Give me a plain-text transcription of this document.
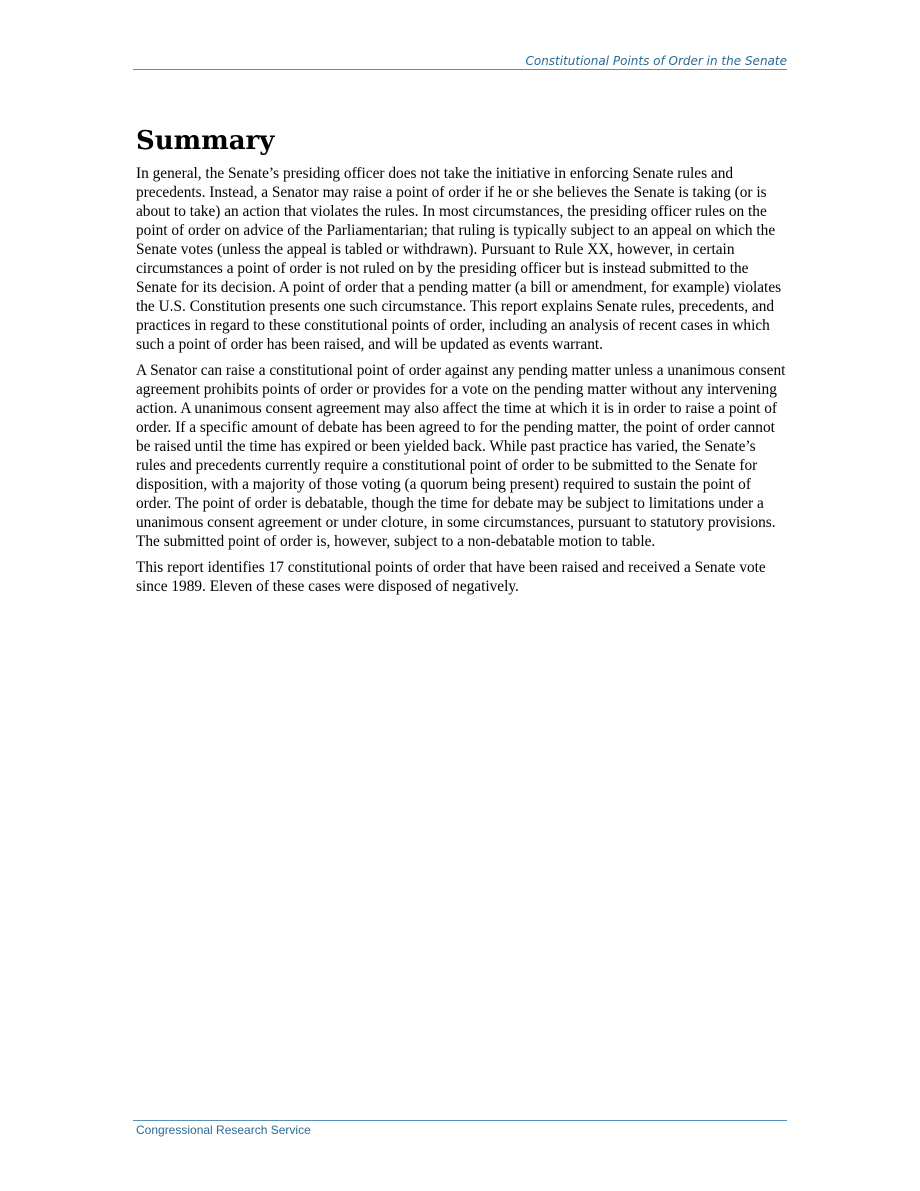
Constitutional Points of Order in the Senate
Summary

In general, the Senate’s presiding officer does not take the initiative in enforcing Senate rules and precedents. Instead, a Senator may raise a point of order if he or she believes the Senate is taking (or is about to take) an action that violates the rules. In most circumstances, the presiding officer rules on the point of order on advice of the Parliamentarian; that ruling is typically subject to an appeal on which the Senate votes (unless the appeal is tabled or withdrawn). Pursuant to Rule XX, however, in certain circumstances a point of order is not ruled on by the presiding officer but is instead submitted to the Senate for its decision. A point of order that a pending matter (a bill or amendment, for example) violates the U.S. Constitution presents one such circumstance. This report explains Senate rules, precedents, and practices in regard to these constitutional points of order, including an analysis of recent cases in which such a point of order has been raised, and will be updated as events warrant.

A Senator can raise a constitutional point of order against any pending matter unless a unanimous consent agreement prohibits points of order or provides for a vote on the pending matter without any intervening action. A unanimous consent agreement may also affect the time at which it is in order to raise a point of order. If a specific amount of debate has been agreed to for the pending matter, the point of order cannot be raised until the time has expired or been yielded back. While past practice has varied, the Senate’s rules and precedents currently require a constitutional point of order to be submitted to the Senate for disposition, with a majority of those voting (a quorum being present) required to sustain the point of order. The point of order is debatable, though the time for debate may be subject to limitations under a unanimous consent agreement or under cloture, in some circumstances, pursuant to statutory provisions. The submitted point of order is, however, subject to a non-debatable motion to table.

This report identifies 17 constitutional points of order that have been raised and received a Senate vote since 1989. Eleven of these cases were disposed of negatively.

Congressional Research Service
